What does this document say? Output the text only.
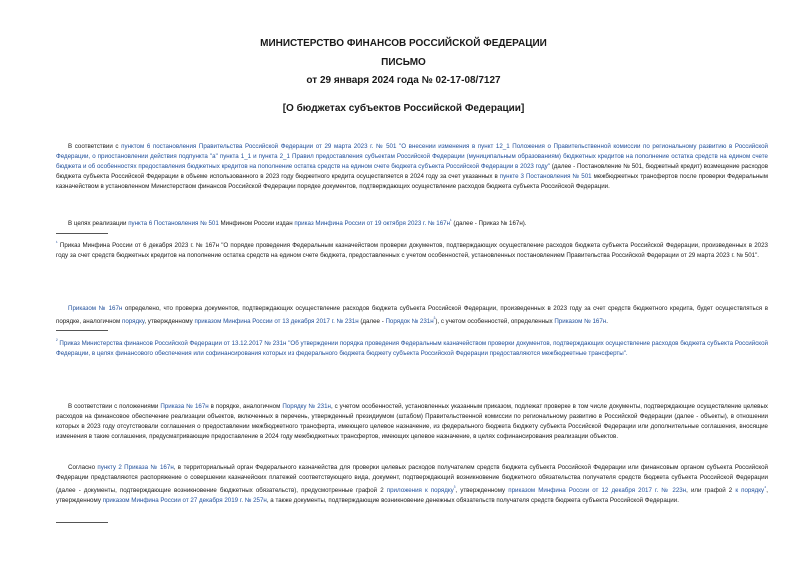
МИНИСТЕРСТВО ФИНАНСОВ РОССИЙСКОЙ ФЕДЕРАЦИИ

ПИСЬМО

от 29 января 2024 года № 02-17-08/7127

[О бюджетах субъектов Российской Федерации]

В соответствии с пунктом 6 постановления Правительства Российской Федерации от 29 марта 2023 г. № 501 "О внесении изменения в пункт 12_1 Положения о Правительственной комиссии по региональному развитию в Российской Федерации, о приостановлении действия подпункта "а" пункта 1_1 и пункта 2_1 Правил предоставления субъектам Российской Федерации (муниципальным образованиям) бюджетных кредитов на пополнение остатка средств на едином счете бюджета и об особенностях предоставления бюджетных кредитов на пополнение остатка средств на едином счете бюджета субъекта Российской Федерации в 2023 году" (далее - Постановление № 501, бюджетный кредит) возмещение расходов бюджета субъекта Российской Федерации в объеме использованного в 2023 году бюджетного кредита осуществляется в 2024 году за счет указанных в пункте 3 Постановления № 501 межбюджетных трансфертов после проверки Федеральным казначейством в установленном Министерством финансов Российской Федерации порядке документов, подтверждающих осуществление расходов бюджета субъекта Российской Федерации.

В целях реализации пункта 6 Постановления № 501 Минфином России издан приказ Минфина России от 19 октября 2023 г. № 167н$^{^1}$ (далее - Приказ № 167н).

$^{^1}$ Приказ Минфина России от 6 декабря 2023 г. № 167н "О порядке проведения Федеральным казначейством проверки документов, подтверждающих осуществление расходов бюджета субъекта Российской Федерации, произведенных в 2023 году за счет средств бюджетных кредитов на пополнение остатка средств на едином счете бюджета, предоставленных с учетом особенностей, установленных постановлением Правительства Российской Федерации от 29 марта 2023 г. № 501".

Приказом № 167н определено, что проверка документов, подтверждающих осуществление расходов бюджета субъекта Российской Федерации, произведенных в 2023 году за счет средств бюджетного кредита, будет осуществляться в порядке, аналогичном порядку, утвержденному приказом Минфина России от 13 декабря 2017 г. № 231н (далее - Порядок № 231н$^{^2}$), с учетом особенностей, определенных Приказом № 167н.

$^{^2}$ Приказ Министерства финансов Российской Федерации от 13.12.2017 № 231н "Об утверждении порядка проведения Федеральным казначейством проверки документов, подтверждающих осуществление расходов бюджета субъекта Российской Федерации, в целях финансового обеспечения или софинансирования которых из федерального бюджета бюджету субъекта Российской Федерации предоставляются межбюджетные трансферты".

В соответствии с положениями Приказа № 167н в порядке, аналогичном Порядку № 231н, с учетом особенностей, установленных указанным приказом, подлежат проверке в том числе документы, подтверждающие осуществление целевых расходов на финансовое обеспечение реализации объектов, включенных в перечень, утвержденный президиумом (штабом) Правительственной комиссии по региональному развитию в Российской Федерации (далее - объекты), в отношении которых в 2023 году отсутствовали соглашения о предоставлении межбюджетного трансферта, имеющего целевое назначение, из федерального бюджета бюджету субъекта Российской Федерации или дополнительные соглашения, вносящие изменения в такие соглашения, предусматривающие предоставление в 2024 году межбюджетных трансфертов, имеющих целевое назначение, в целях софинансирования реализации объектов.

Согласно пункту 2 Приказа № 167н, в территориальный орган Федерального казначейства для проверки целевых расходов получателем средств бюджета субъекта Российской Федерации или финансовым органом субъекта Российской Федерации представляются распоряжение о совершении казначейских платежей соответствующего вида, документ, подтверждающий возникновение бюджетного обязательства получателя средств бюджета субъекта Российской Федерации (далее - документы, подтверждающие возникновение бюджетных обязательств), предусмотренные графой 2 приложения к порядку$^{^3}$, утвержденному приказом Минфина России от 12 декабря 2017 г. № 223н, или графой 2 к порядку$^{^4}$, утвержденному приказом Минфина России от 27 декабря 2019 г. № 257н, а также документы, подтверждающие возникновение денежных обязательств получателя средств бюджета субъекта Российской Федерации.
